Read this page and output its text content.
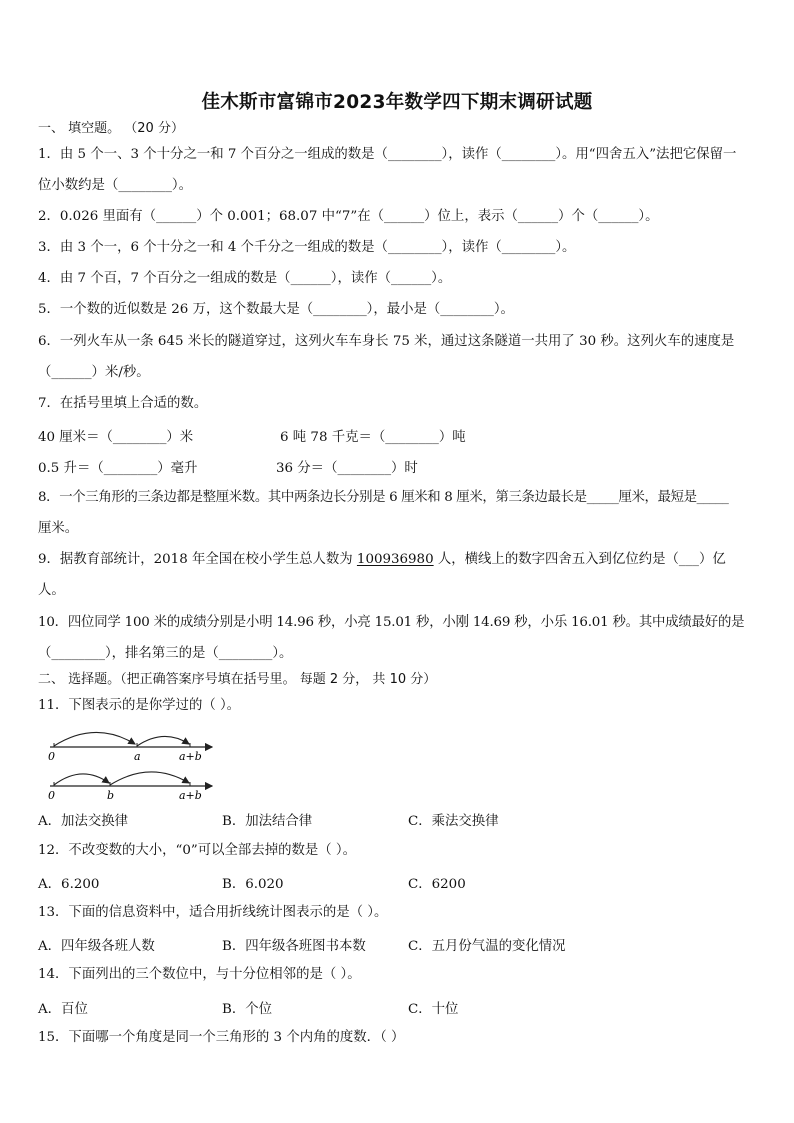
佳木斯市富锦市2023年数学四下期末调研试题
一、 填空题。 （20 分）
1．由 5 个一、3 个十分之一和 7 个百分之一组成的数是（________），读作（________）。用“四舍五入”法把它保留一
位小数约是（________）。
2．0.026 里面有（______）个 0.001；68.07 中“7”在（______）位上，表示（______）个（______）。
3．由 3 个一，6 个十分之一和 4 个千分之一组成的数是（________），读作（________）。
4．由 7 个百，7 个百分之一组成的数是（______），读作（______）。
5．一个数的近似数是 26 万，这个数最大是（________），最小是（________）。
6．一列火车从一条 645 米长的隧道穿过，这列火车车身长 75 米，通过这条隧道一共用了 30 秒。这列火车的速度是
（______）米/秒。
7．在括号里填上合适的数。
40 厘米＝（________）米	6 吨 78 千克＝（________）吨
0.5 升＝（________）毫升	36 分＝（________）时
8．一个三角形的三条边都是整厘米数。其中两条边长分别是 6 厘米和 8 厘米，第三条边最长是_____厘米，最短是_____
厘米。
9．据教育部统计，2018 年全国在校小学生总人数为 100936980 人，横线上的数字四舍五入到亿位约是（___）亿
人。
10．四位同学 100 米的成绩分别是小明 14.96 秒，小亮 15.01 秒，小刚 14.69 秒，小乐 16.01 秒。其中成绩最好的是
（________），排名第三的是（________）。
二、 选择题。（把正确答案序号填在括号里。 每题 2 分， 共 10 分）
11．下图表示的是你学过的（ ）。
0	a	a+b
0	b	a+b
A．加法交换律	B．加法结合律	C．乘法交换律
12．不改变数的大小，“0”可以全部去掉的数是（ ）。
A．6.200	B．6.020	C．6200
13．下面的信息资料中，适合用折线统计图表示的是（ ）。
A．四年级各班人数	B．四年级各班图书本数	C．五月份气温的变化情况
14．下面列出的三个数位中，与十分位相邻的是（ ）。
A．百位	B．个位	C．十位
15．下面哪一个角度是同一个三角形的 3 个内角的度数．（ ）
